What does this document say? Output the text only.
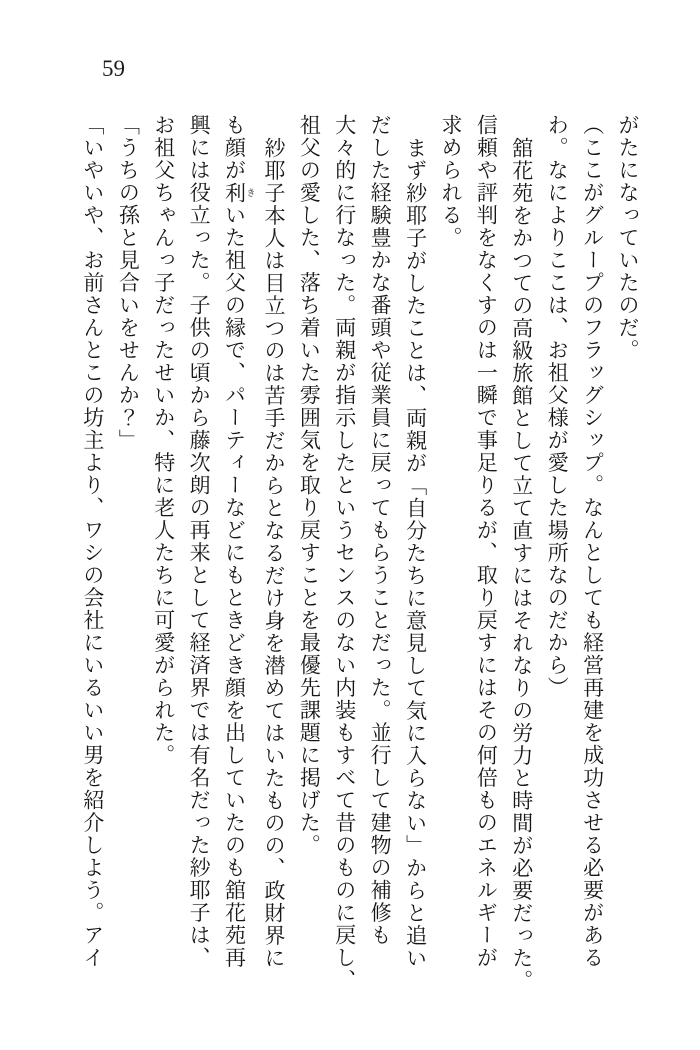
59

がたになっていたのだ。

（ここがグループのフラッグシップ。なんとしても経営再建を成功させる必要がある

わ。なによりここは、お祖父様が愛した場所なのだから）

舘花苑をかつての高級旅館として立て直すにはそれなりの労力と時間が必要だった。

信頼や評判をなくすのは一瞬で事足りるが、取り戻すにはその何倍ものエネルギーが

求められる。

まず紗耶子がしたことは、両親が「自分たちに意見して気に入らない」からと追い

だした経験豊かな番頭や従業員に戻ってもらうことだった。並行して建物の補修も

大々的に行なった。両親が指示したというセンスのない内装もすべて昔のものに戻し、

祖父の愛した、落ち着いた雰囲気を取り戻すことを最優先課題に掲げた。

紗耶子本人は目立つのは苦手だからとなるだけ身を潜めてはいたものの、政財界に

も顔が利 きいた祖父の縁で、パーティーなどにもときどき顔を出していたのも舘花苑再

興には役立った。子供の頃から藤次朗の再来として経済界では有名だった紗耶子は、

お祖父ちゃんっ子だったせいか、特に老人たちに可愛がられた。

「うちの孫と見合いをせんか？」

「いやいや、お前さんとこの坊主より、ワシの会社にいるいい男を紹介しよう。アイ
